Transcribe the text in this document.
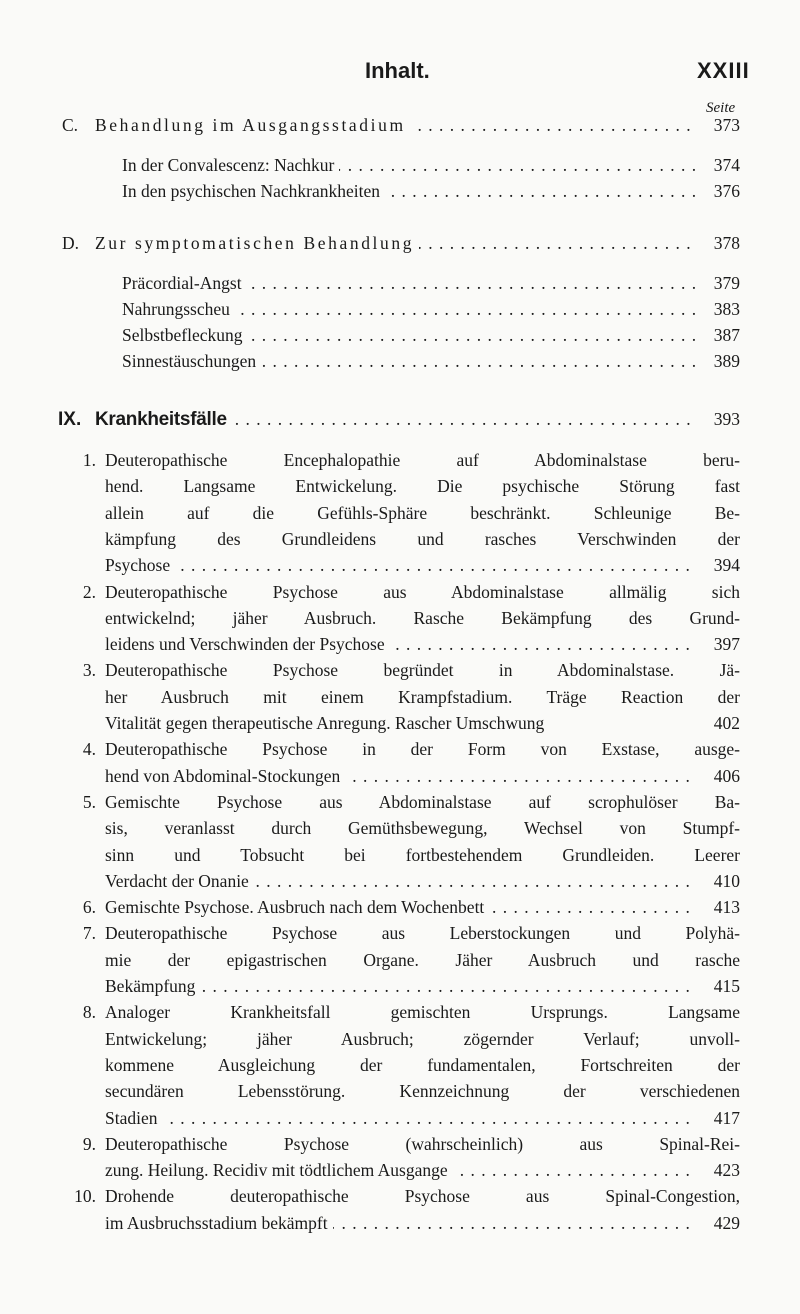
Inhalt.	XXIII
Seite
C. Behandlung im Ausgangsstadium . . .	373
In der Convalescenz: Nachkur . . .	374
In den psychischen Nachkrankheiten . . .	376
D. Zur symptomatischen Behandlung . . .	378
Präcordial-Angst . . .	379
Nahrungsscheu . . .	383
Selbstbefleckung . . .	387
Sinnestäuschungen . . .	389
IX. Krankheitsfälle . . .	393
1. Deuteropathische Encephalopathie auf Abdominalstase beru-
hend. Langsame Entwickelung. Die psychische Störung fast
allein auf die Gefühls-Sphäre beschränkt. Schleunige Be-
kämpfung des Grundleidens und rasches Verschwinden der
Psychose . . .	394
2. Deuteropathische Psychose aus Abdominalstase allmälig sich
entwickelnd; jäher Ausbruch. Rasche Bekämpfung des Grund-
leidens und Verschwinden der Psychose . . .	397
3. Deuteropathische Psychose begründet in Abdominalstase. Jä-
her Ausbruch mit einem Krampfstadium. Träge Reaction der
Vitalität gegen therapeutische Anregung. Rascher Umschwung	402
4. Deuteropathische Psychose in der Form von Exstase, ausge-
hend von Abdominal-Stockungen . . .	406
5. Gemischte Psychose aus Abdominalstase auf scrophulöser Ba-
sis, veranlasst durch Gemüthsbewegung, Wechsel von Stumpf-
sinn und Tobsucht bei fortbestehendem Grundleiden. Leerer
Verdacht der Onanie . . .	410
6. Gemischte Psychose. Ausbruch nach dem Wochenbett . . .	413
7. Deuteropathische Psychose aus Leberstockungen und Polyhä-
mie der epigastrischen Organe. Jäher Ausbruch und rasche
Bekämpfung . . .	415
8. Analoger Krankheitsfall gemischten Ursprungs. Langsame
Entwickelung; jäher Ausbruch; zögernder Verlauf; unvoll-
kommene Ausgleichung der fundamentalen, Fortschreiten der
secundären Lebensstörung. Kennzeichnung der verschiedenen
Stadien . . .	417
9. Deuteropathische Psychose (wahrscheinlich) aus Spinal-Rei-
zung. Heilung. Recidiv mit tödtlichem Ausgange . . .	423
10. Drohende deuteropathische Psychose aus Spinal-Congestion,
im Ausbruchsstadium bekämpft . . .	429
